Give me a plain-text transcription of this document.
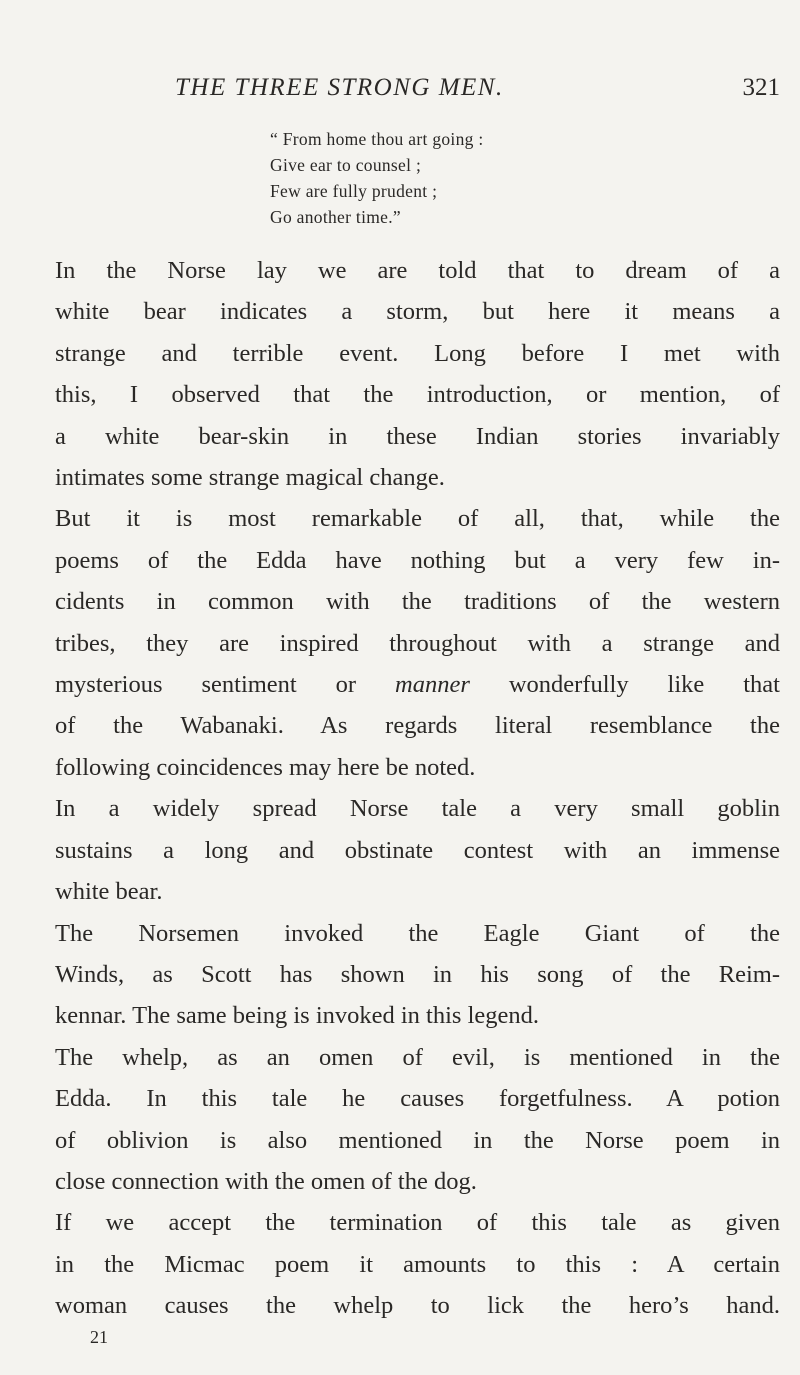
THE THREE STRONG MEN.	321
“ From home thou art going :
Give ear to counsel ;
Few are fully prudent ;
Go another time.”
In the Norse lay we are told that to dream of a
white bear indicates a storm, but here it means a
strange and terrible event. Long before I met with
this, I observed that the introduction, or mention, of
a white bear-skin in these Indian stories invariably
intimates some strange magical change.
But it is most remarkable of all, that, while the
poems of the Edda have nothing but a very few in-
cidents in common with the traditions of the western
tribes, they are inspired throughout with a strange and
mysterious sentiment or manner wonderfully like that
of the Wabanaki. As regards literal resemblance the
following coincidences may here be noted.
In a widely spread Norse tale a very small goblin
sustains a long and obstinate contest with an immense
white bear.
The Norsemen invoked the Eagle Giant of the
Winds, as Scott has shown in his song of the Reim-
kennar. The same being is invoked in this legend.
The whelp, as an omen of evil, is mentioned in the
Edda. In this tale he causes forgetfulness. A potion
of oblivion is also mentioned in the Norse poem in
close connection with the omen of the dog.
If we accept the termination of this tale as given
in the Micmac poem it amounts to this : A certain
woman causes the whelp to lick the hero’s hand.
21
